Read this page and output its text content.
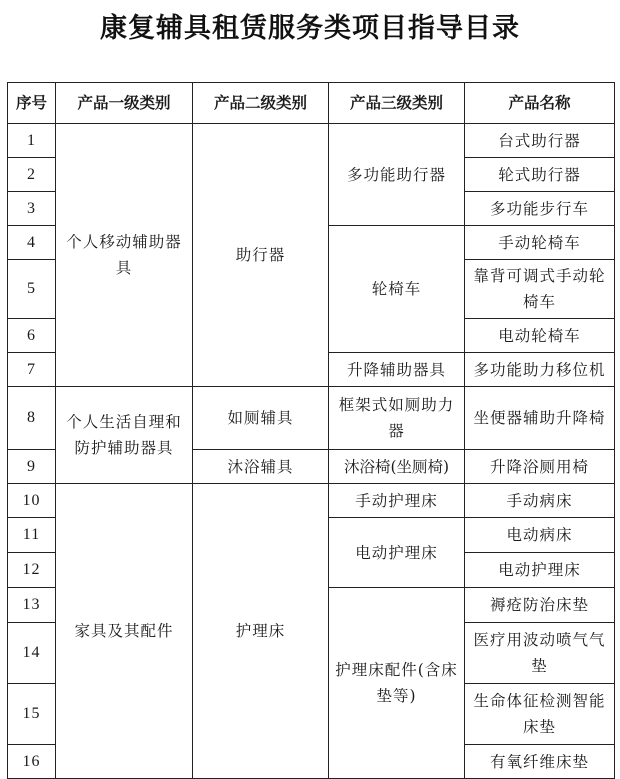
康复辅具租赁服务类项目指导目录
序号	产品一级类别	产品二级类别	产品三级类别	产品名称
1	个人移动辅助器具	助行器	多功能助行器	台式助行器
2				轮式助行器
3				多功能步行车
4			轮椅车	手动轮椅车
5				靠背可调式手动轮椅车
6				电动轮椅车
7			升降辅助器具	多功能助力移位机
8	个人生活自理和防护辅助器具	如厕辅具	框架式如厕助力器	坐便器辅助升降椅
9		沐浴辅具	沐浴椅(坐厕椅)	升降浴厕用椅
10	家具及其配件	护理床	手动护理床	手动病床
11			电动护理床	电动病床
12				电动护理床
13			护理床配件(含床垫等)	褥疮防治床垫
14				医疗用波动喷气气垫
15				生命体征检测智能床垫
16				有氧纤维床垫
